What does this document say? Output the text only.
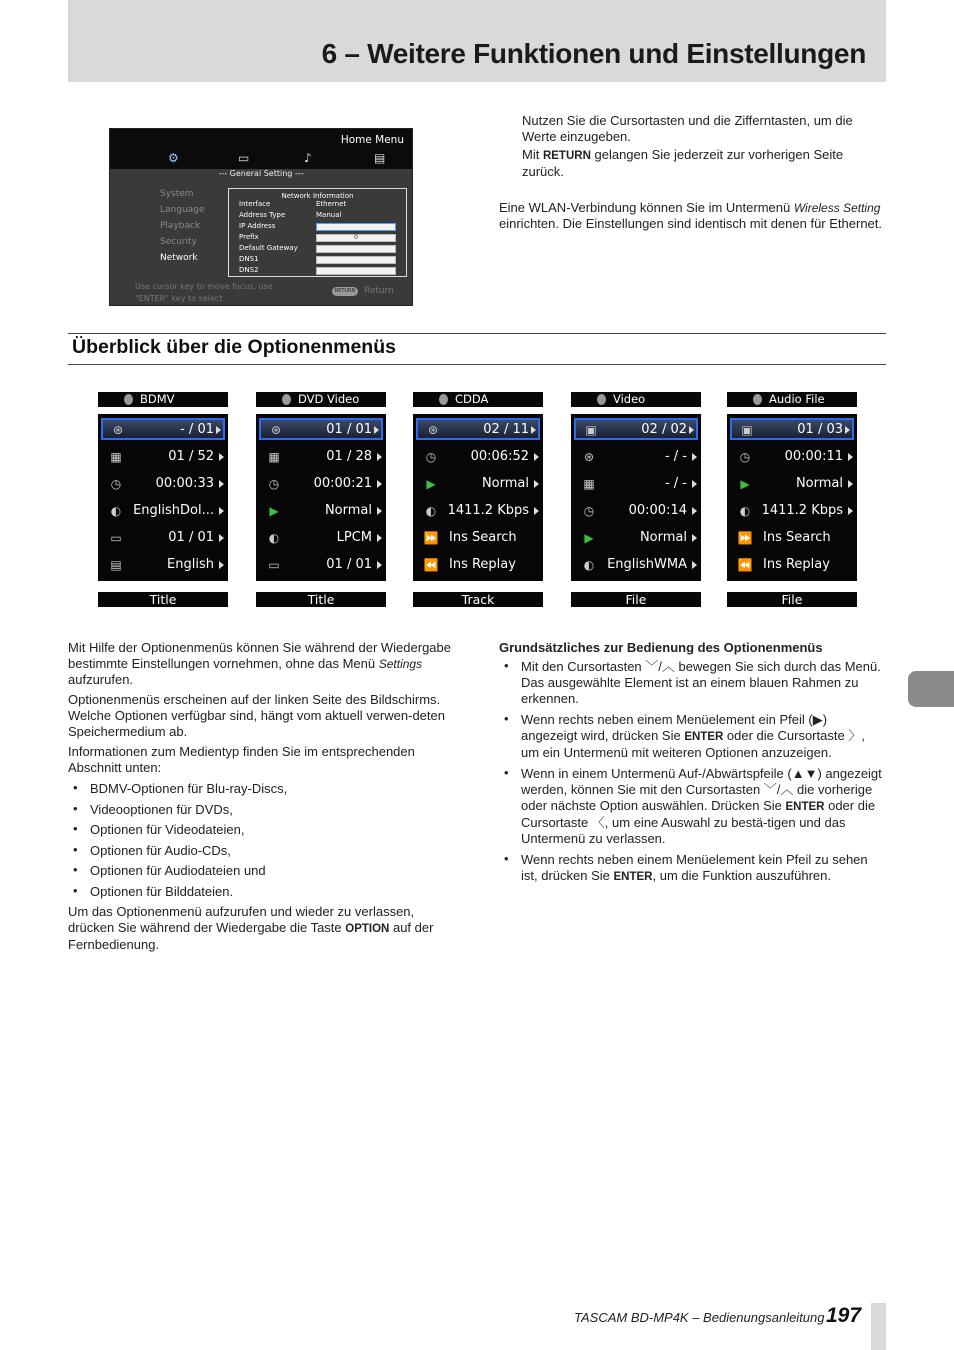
6 – Weitere Funktionen und Einstellungen
Home Menu
⚙	▭	♪	▤
--- General Setting ---
System
Language
Playback
Security
Network
Network Information
Interface	Ethernet
Address Type	Manual
IP Address
Prefix	0
Default Gateway
DNS1
DNS2
Use cursor key to move focus, use
"ENTER" key to select
RETURN Return
Nutzen Sie die Cursortasten und die Zifferntasten, um die Werte einzugeben.
Mit RETURN gelangen Sie jederzeit zur vorherigen Seite zurück.
Eine WLAN-Verbindung können Sie im Untermenü Wireless Setting einrichten. Die Einstellungen sind identisch mit denen für Ethernet.
Überblick über die Optionenmenüs
BDMV
⊛	- / 01
▦	01 / 52
◷	00:00:33
◐ EnglishDol...
▭	01 / 01
▤	English
Title
DVD Video
⊛	01 / 01
▦	01 / 28
◷	00:00:21
▶	Normal
◐	LPCM
▭	01 / 01
Title
CDDA
⊛	02 / 11
◷	00:06:52
▶	Normal
◐ 1411.2 Kbps
⏩ Ins Search
⏪ Ins Replay
Track
Video
▣	02 / 02
⊛	- / -
▦	- / -
◷	00:00:14
▶	Normal
◐ EnglishWMA
File
Audio File
▣	01 / 03
◷	00:00:11
▶	Normal
◐ 1411.2 Kbps
⏩ Ins Search
⏪ Ins Replay
File
Mit Hilfe der Optionenmenüs können Sie während der Wiedergabe bestimmte Einstellungen vornehmen, ohne das Menü Settings aufzurufen.
Optionenmenüs erscheinen auf der linken Seite des Bildschirms. Welche Optionen verfügbar sind, hängt vom aktuell verwen-deten Speichermedium ab.
Informationen zum Medientyp finden Sie im entsprechenden Abschnitt unten:
• BDMV-Optionen für Blu-ray-Discs,
• Videooptionen für DVDs,
• Optionen für Videodateien,
• Optionen für Audio-CDs,
• Optionen für Audiodateien und
• Optionen für Bilddateien.
Um das Optionenmenü aufzurufen und wieder zu verlassen, drücken Sie während der Wiedergabe die Taste OPTION auf der Fernbedienung.
Grundsätzliches zur Bedienung des Optionenmenüs
• Mit den Cursortasten ﹀/︿ bewegen Sie sich durch das Menü. Das ausgewählte Element ist an einem blauen Rahmen zu erkennen.
• Wenn rechts neben einem Menüelement ein Pfeil (▶) angezeigt wird, drücken Sie ENTER oder die Cursortaste 〉, um ein Untermenü mit weiteren Optionen anzuzeigen.
• Wenn in einem Untermenü Auf-/Abwärtspfeile (▲▼) angezeigt werden, können Sie mit den Cursortasten ﹀/︿ die vorherige oder nächste Option auswählen. Drücken Sie ENTER oder die Cursortaste 〈, um eine Auswahl zu bestä-tigen und das Untermenü zu verlassen.
• Wenn rechts neben einem Menüelement kein Pfeil zu sehen ist, drücken Sie ENTER, um die Funktion auszuführen.
TASCAM BD-MP4K – Bedienungsanleitung 197
